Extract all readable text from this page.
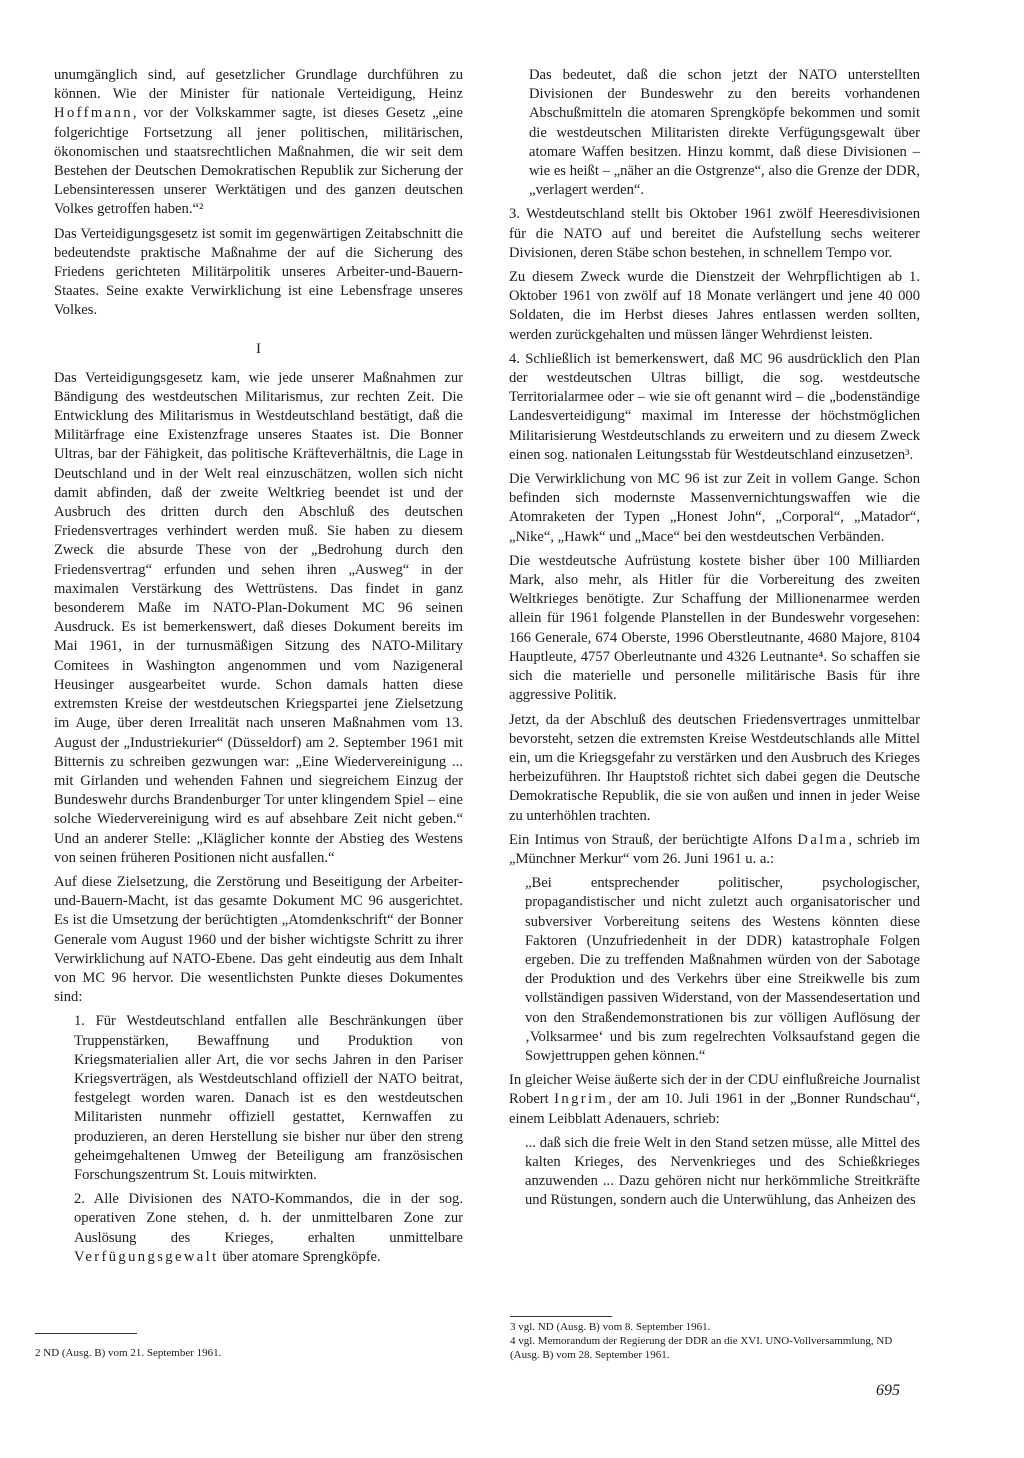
unumgänglich sind, auf gesetzlicher Grundlage durchführen zu können. Wie der Minister für nationale Verteidigung, Heinz Hoffmann, vor der Volkskammer sagte, ist dieses Gesetz „eine folgerichtige Fortsetzung all jener politischen, militärischen, ökonomischen und staatsrechtlichen Maßnahmen, die wir seit dem Bestehen der Deutschen Demokratischen Republik zur Sicherung der Lebensinteressen unserer Werktätigen und des ganzen deutschen Volkes getroffen haben.“²

Das Verteidigungsgesetz ist somit im gegenwärtigen Zeitabschnitt die bedeutendste praktische Maßnahme der auf die Sicherung des Friedens gerichteten Militärpolitik unseres Arbeiter-und-Bauern-Staates. Seine exakte Verwirklichung ist eine Lebensfrage unseres Volkes.

I

Das Verteidigungsgesetz kam, wie jede unserer Maßnahmen zur Bändigung des westdeutschen Militarismus, zur rechten Zeit. Die Entwicklung des Militarismus in Westdeutschland bestätigt, daß die Militärfrage eine Existenzfrage unseres Staates ist. Die Bonner Ultras, bar der Fähigkeit, das politische Kräfteverhältnis, die Lage in Deutschland und in der Welt real einzuschätzen, wollen sich nicht damit abfinden, daß der zweite Weltkrieg beendet ist und der Ausbruch des dritten durch den Abschluß des deutschen Friedensvertrages verhindert werden muß. Sie haben zu diesem Zweck die absurde These von der „Bedrohung durch den Friedensvertrag“ erfunden und sehen ihren „Ausweg“ in der maximalen Verstärkung des Wettrüstens. Das findet in ganz besonderem Maße im NATO-Plan-Dokument MC 96 seinen Ausdruck. Es ist bemerkenswert, daß dieses Dokument bereits im Mai 1961, in der turnusmäßigen Sitzung des NATO-Military Comitees in Washington angenommen und vom Nazigeneral Heusinger ausgearbeitet wurde. Schon damals hatten diese extremsten Kreise der westdeutschen Kriegspartei jene Zielsetzung im Auge, über deren Irrealität nach unseren Maßnahmen vom 13. August der „Industriekurier“ (Düsseldorf) am 2. September 1961 mit Bitternis zu schreiben gezwungen war: „Eine Wiedervereinigung ... mit Girlanden und wehenden Fahnen und siegreichem Einzug der Bundeswehr durchs Brandenburger Tor unter klingendem Spiel – eine solche Wiedervereinigung wird es auf absehbare Zeit nicht geben.“ Und an anderer Stelle: „Kläglicher konnte der Abstieg des Westens von seinen früheren Positionen nicht ausfallen.“

Auf diese Zielsetzung, die Zerstörung und Beseitigung der Arbeiter-und-Bauern-Macht, ist das gesamte Dokument MC 96 ausgerichtet. Es ist die Umsetzung der berüchtigten „Atomdenkschrift“ der Bonner Generale vom August 1960 und der bisher wichtigste Schritt zu ihrer Verwirklichung auf NATO-Ebene. Das geht eindeutig aus dem Inhalt von MC 96 hervor. Die wesentlichsten Punkte dieses Dokumentes sind:

1. Für Westdeutschland entfallen alle Beschränkungen über Truppenstärken, Bewaffnung und Produktion von Kriegsmaterialien aller Art, die vor sechs Jahren in den Pariser Kriegsverträgen, als Westdeutschland offiziell der NATO beitrat, festgelegt worden waren. Danach ist es den westdeutschen Militaristen nunmehr offiziell gestattet, Kernwaffen zu produzieren, an deren Herstellung sie bisher nur über den streng geheimgehaltenen Umweg der Beteiligung am französischen Forschungszentrum St. Louis mitwirkten.

2. Alle Divisionen des NATO-Kommandos, die in der sog. operativen Zone stehen, d. h. der unmittelbaren Zone zur Auslösung des Krieges, erhalten unmittelbare Verfügungsgewalt über atomare Sprengköpfe.

Das bedeutet, daß die schon jetzt der NATO unterstellten Divisionen der Bundeswehr zu den bereits vorhandenen Abschußmitteln die atomaren Sprengköpfe bekommen und somit die westdeutschen Militaristen direkte Verfügungsgewalt über atomare Waffen besitzen. Hinzu kommt, daß diese Divisionen – wie es heißt – „näher an die Ostgrenze“, also die Grenze der DDR, „verlagert werden“.

3. Westdeutschland stellt bis Oktober 1961 zwölf Heeresdivisionen für die NATO auf und bereitet die Aufstellung sechs weiterer Divisionen, deren Stäbe schon bestehen, in schnellem Tempo vor.

Zu diesem Zweck wurde die Dienstzeit der Wehrpflichtigen ab 1. Oktober 1961 von zwölf auf 18 Monate verlängert und jene 40 000 Soldaten, die im Herbst dieses Jahres entlassen werden sollten, werden zurückgehalten und müssen länger Wehrdienst leisten.

4. Schließlich ist bemerkenswert, daß MC 96 ausdrücklich den Plan der westdeutschen Ultras billigt, die sog. westdeutsche Territorialarmee oder – wie sie oft genannt wird – die „bodenständige Landesverteidigung“ maximal im Interesse der höchstmöglichen Militarisierung Westdeutschlands zu erweitern und zu diesem Zweck einen sog. nationalen Leitungsstab für Westdeutschland einzusetzen³.

Die Verwirklichung von MC 96 ist zur Zeit in vollem Gange. Schon befinden sich modernste Massenvernichtungswaffen wie die Atomraketen der Typen „Honest John“, „Corporal“, „Matador“, „Nike“, „Hawk“ und „Mace“ bei den westdeutschen Verbänden.

Die westdeutsche Aufrüstung kostete bisher über 100 Milliarden Mark, also mehr, als Hitler für die Vorbereitung des zweiten Weltkrieges benötigte. Zur Schaffung der Millionenarmee werden allein für 1961 folgende Planstellen in der Bundeswehr vorgesehen: 166 Generale, 674 Oberste, 1996 Oberstleutnante, 4680 Majore, 8104 Hauptleute, 4757 Oberleutnante und 4326 Leutnante⁴. So schaffen sie sich die materielle und personelle militärische Basis für ihre aggressive Politik.

Jetzt, da der Abschluß des deutschen Friedensvertrages unmittelbar bevorsteht, setzen die extremsten Kreise Westdeutschlands alle Mittel ein, um die Kriegsgefahr zu verstärken und den Ausbruch des Krieges herbeizuführen. Ihr Hauptstoß richtet sich dabei gegen die Deutsche Demokratische Republik, die sie von außen und innen in jeder Weise zu unterhöhlen trachten.

Ein Intimus von Strauß, der berüchtigte Alfons Dalma, schrieb im „Münchner Merkur“ vom 26. Juni 1961 u. a.:

„Bei entsprechender politischer, psychologischer, propagandistischer und nicht zuletzt auch organisatorischer und subversiver Vorbereitung seitens des Westens könnten diese Faktoren (Unzufriedenheit in der DDR) katastrophale Folgen ergeben. Die zu treffenden Maßnahmen würden von der Sabotage der Produktion und des Verkehrs über eine Streikwelle bis zum vollständigen passiven Widerstand, von der Massendesertation und von den Straßendemonstrationen bis zur völligen Auflösung der ‚Volksarmee‘ und bis zum regelrechten Volksaufstand gegen die Sowjettruppen gehen können.“

In gleicher Weise äußerte sich der in der CDU einflußreiche Journalist Robert Ingrim, der am 10. Juli 1961 in der „Bonner Rundschau“, einem Leibblatt Adenauers, schrieb:

... daß sich die freie Welt in den Stand setzen müsse, alle Mittel des kalten Krieges, des Nervenkrieges und des Schießkrieges anzuwenden ... Dazu gehören nicht nur herkömmliche Streitkräfte und Rüstungen, sondern auch die Unterwühlung, das Anheizen des

2 ND (Ausg. B) vom 21. September 1961.
3 vgl. ND (Ausg. B) vom 8. September 1961.
4 vgl. Memorandum der Regierung der DDR an die XVI. UNO-Vollversammlung, ND (Ausg. B) vom 28. September 1961.
695
